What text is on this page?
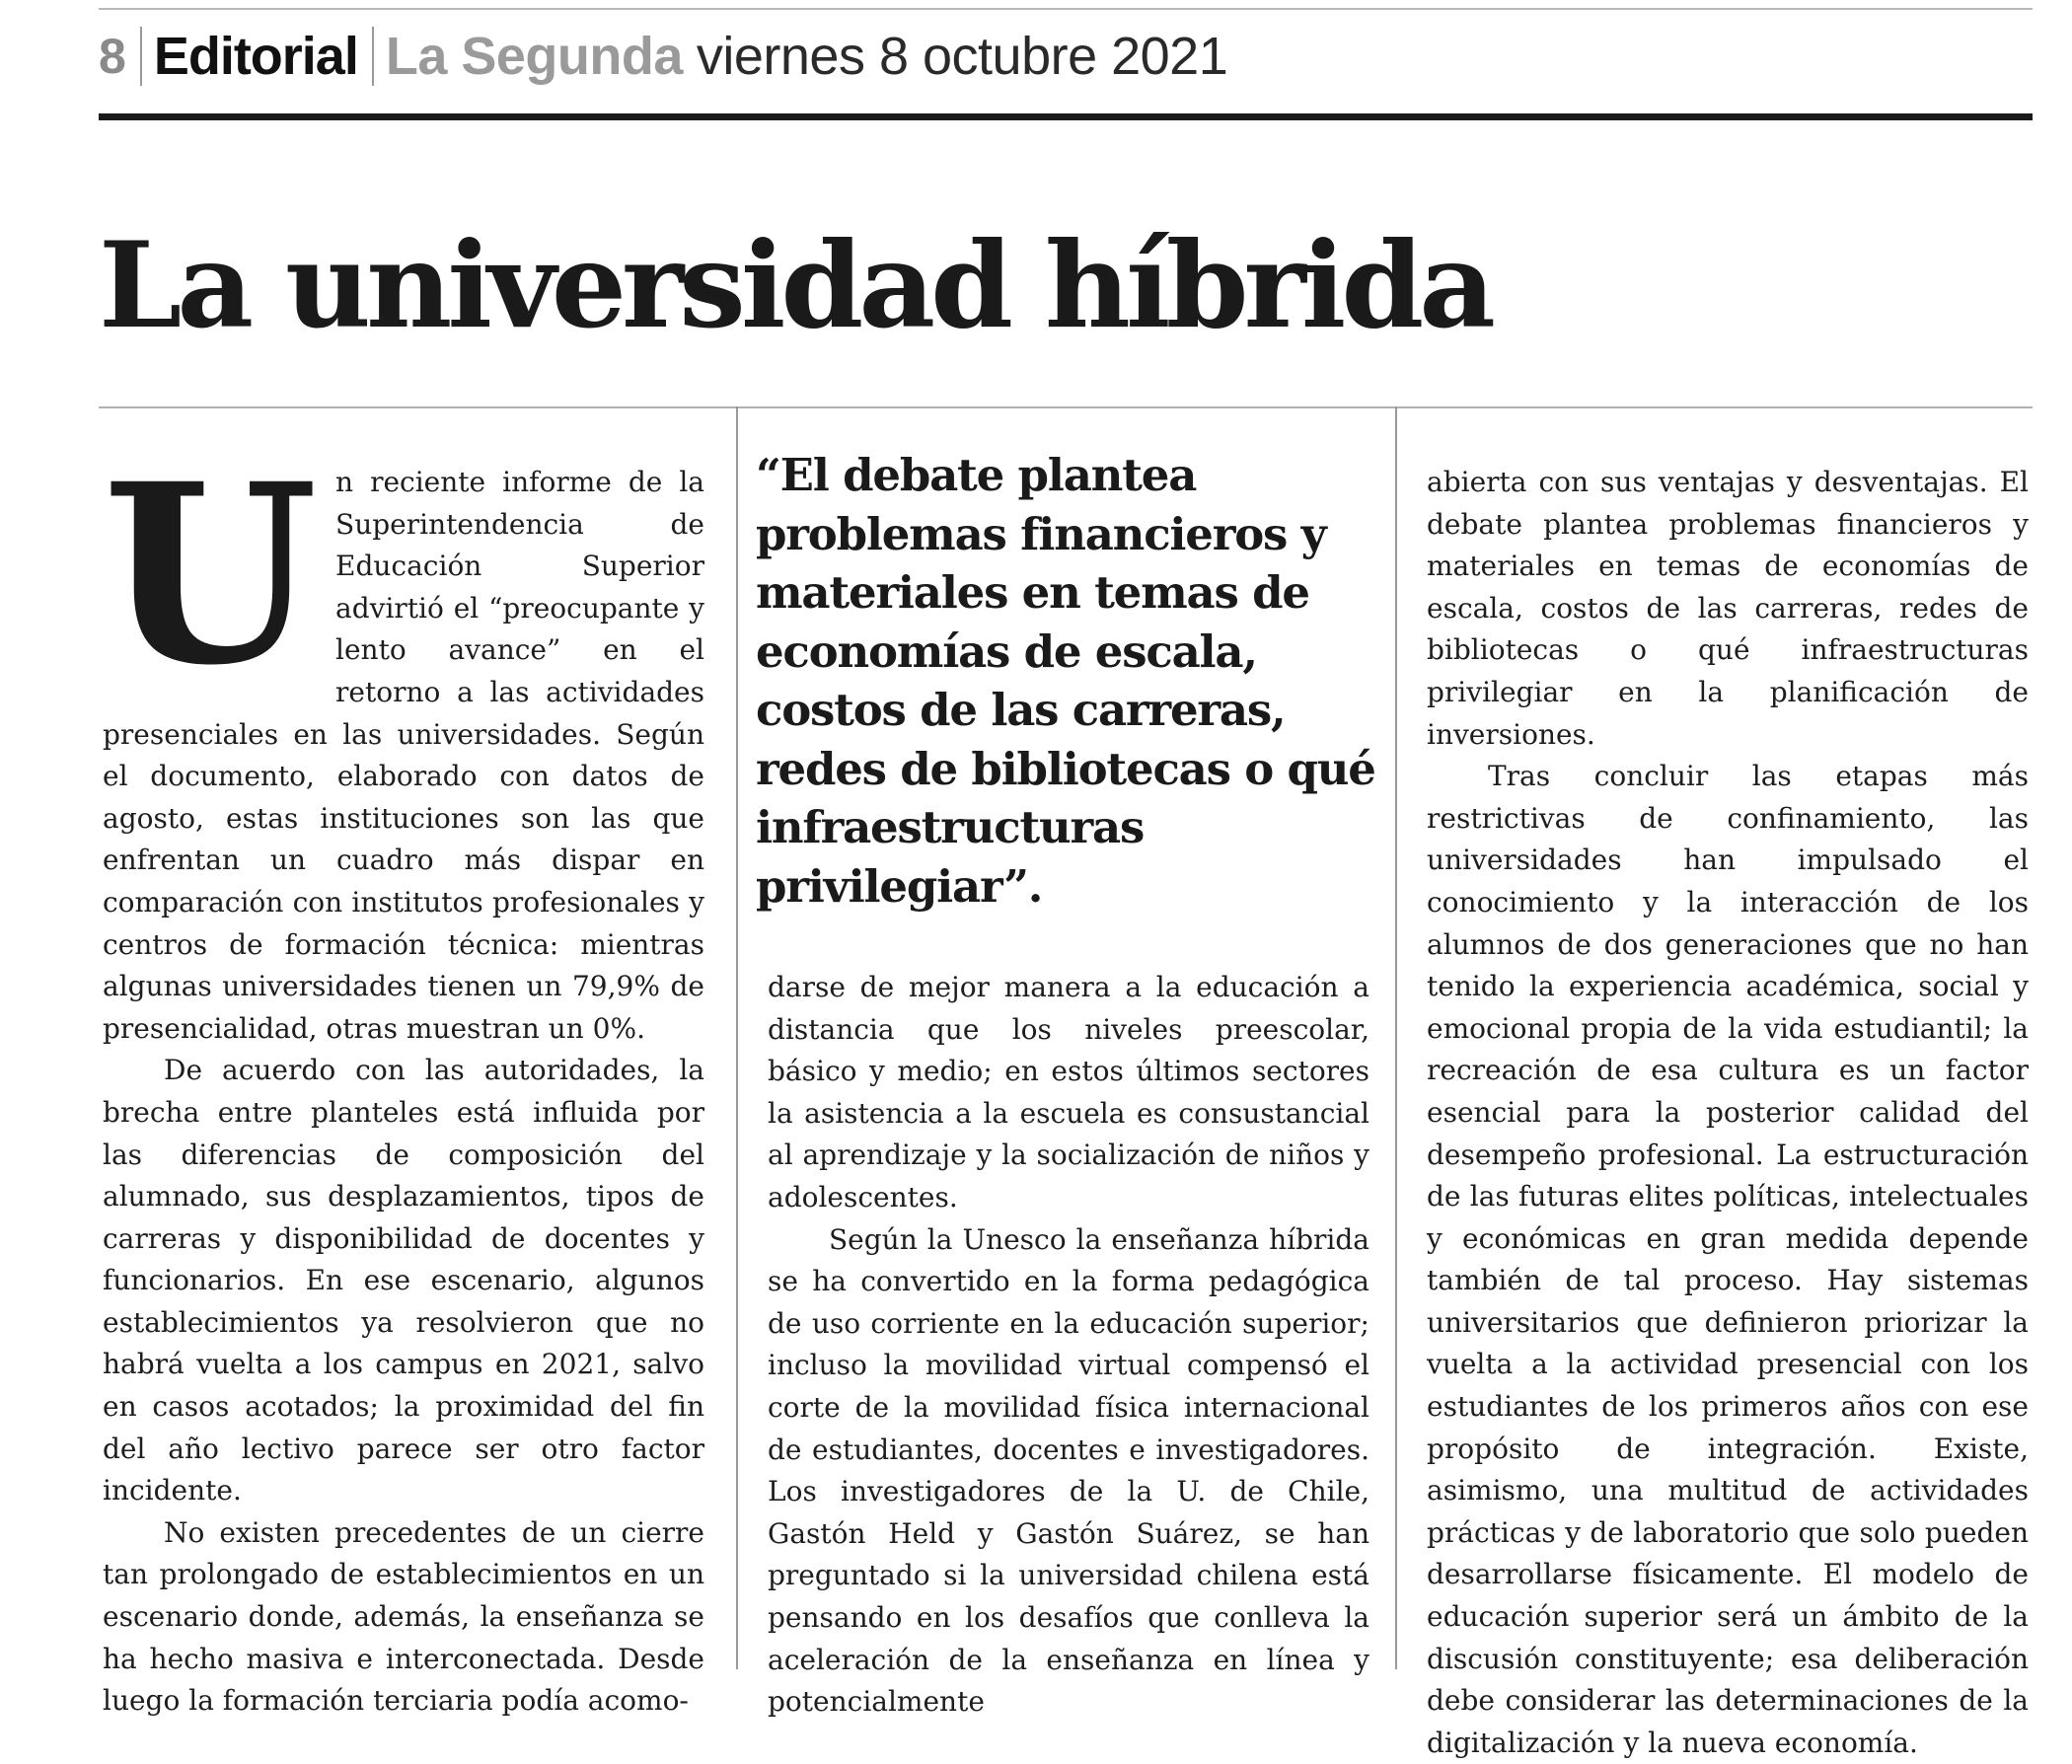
8 Editorial La Segunda viernes 8 octubre 2021
La universidad híbrida

Un reciente informe de la Superintendencia de Educación Superior advirtió el “preocupante y lento avance” en el retorno a las actividades presenciales en las universidades. Según el documento, elaborado con datos de agosto, estas instituciones son las que enfrentan un cuadro más dispar en comparación con institutos profesionales y centros de formación técnica: mientras algunas universidades tienen un 79,9% de presencialidad, otras muestran un 0%.

De acuerdo con las autoridades, la brecha entre planteles está influida por las diferencias de composición del alumnado, sus desplazamientos, tipos de carreras y disponibilidad de docentes y funcionarios. En ese escenario, algunos establecimientos ya resolvieron que no habrá vuelta a los campus en 2021, salvo en casos acotados; la proximidad del fin del año lectivo parece ser otro factor incidente.

No existen precedentes de un cierre tan prolongado de establecimientos en un escenario donde, además, la enseñanza se ha hecho masiva e interconectada. Desde luego la formación terciaria podía acomo-

“El debate plantea problemas financieros y materiales en temas de economías de escala, costos de las carreras, redes de bibliotecas o qué infraestructuras privilegiar”.

darse de mejor manera a la educación a distancia que los niveles preescolar, básico y medio; en estos últimos sectores la asistencia a la escuela es consustancial al aprendizaje y la socialización de niños y adolescentes.

Según la Unesco la enseñanza híbrida se ha convertido en la forma pedagógica de uso corriente en la educación superior; incluso la movilidad virtual compensó el corte de la movilidad física internacional de estudiantes, docentes e investigadores. Los investigadores de la U. de Chile, Gastón Held y Gastón Suárez, se han preguntado si la universidad chilena está pensando en los desafíos que conlleva la aceleración de la enseñanza en línea y potencialmente

abierta con sus ventajas y desventajas. El debate plantea problemas financieros y materiales en temas de economías de escala, costos de las carreras, redes de bibliotecas o qué infraestructuras privilegiar en la planificación de inversiones.

Tras concluir las etapas más restrictivas de confinamiento, las universidades han impulsado el conocimiento y la interacción de los alumnos de dos generaciones que no han tenido la experiencia académica, social y emocional propia de la vida estudiantil; la recreación de esa cultura es un factor esencial para la posterior calidad del desempeño profesional. La estructuración de las futuras elites políticas, intelectuales y económicas en gran medida depende también de tal proceso. Hay sistemas universitarios que definieron priorizar la vuelta a la actividad presencial con los estudiantes de los primeros años con ese propósito de integración. Existe, asimismo, una multitud de actividades prácticas y de laboratorio que solo pueden desarrollarse físicamente. El modelo de educación superior será un ámbito de la discusión constituyente; esa deliberación debe considerar las determinaciones de la digitalización y la nueva economía.
